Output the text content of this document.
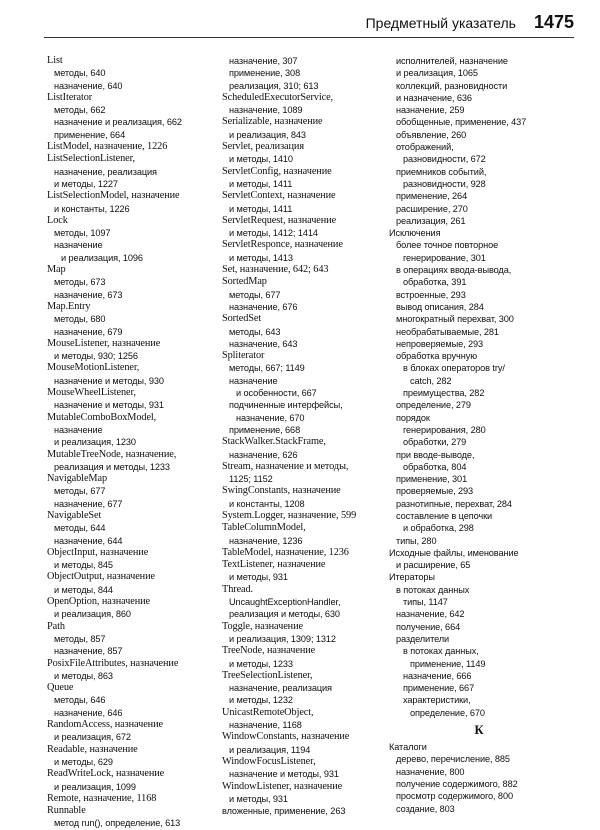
Предметный указатель 1475
List
методы, 640
назначение, 640
ListIterator
методы, 662
назначение и реализация, 662
применение, 664
ListModel, назначение, 1226
ListSelectionListener,
назначение, реализация
и методы, 1227
ListSelectionModel, назначение
и константы, 1226
Lock
методы, 1097
назначение
и реализация, 1096
Map
методы, 673
назначение, 673
Map.Entry
методы, 680
назначение, 679
MouseListener, назначение
и методы, 930; 1256
MouseMotionListener,
назначение и методы, 930
MouseWheelListener,
назначение и методы, 931
MutableComboBoxModel,
назначение
и реализация, 1230
MutableTreeNode, назначение,
реализация и методы, 1233
NavigableMap
методы, 677
назначение, 677
NavigableSet
методы, 644
назначение, 644
ObjectInput, назначение
и методы, 845
ObjectOutput, назначение
и методы, 844
OpenOption, назначение
и реализация, 860
Path
методы, 857
назначение, 857
PosixFileAttributes, назначение
и методы, 863
Queue
методы, 646
назначение, 646
RandomAccess, назначение
и реализация, 672
Readable, назначение
и методы, 629
ReadWriteLock, назначение
и реализация, 1099
Remote, назначение, 1168
Runnable
метод run(), определение, 613
назначение, 307
применение, 308
реализация, 310; 613
ScheduledExecutorService,
назначение, 1089
Serializable, назначение
и реализация, 843
Servlet, реализация
и методы, 1410
ServletConfig, назначение
и методы, 1411
ServletContext, назначение
и методы, 1411
ServletRequest, назначение
и методы, 1412; 1414
ServletResponce, назначение
и методы, 1413
Set, назначение, 642; 643
SortedMap
методы, 677
назначение, 676
SortedSet
методы, 643
назначение, 643
Spliterator
методы, 667; 1149
назначение
и особенности, 667
подчиненные интерфейсы,
назначение, 670
применение, 668
StackWalker.StackFrame,
назначение, 626
Stream, назначение и методы,
1125; 1152
SwingConstants, назначение
и константы, 1208
System.Logger, назначение, 599
TableColumnModel,
назначение, 1236
TableModel, назначение, 1236
TextListener, назначение
и методы, 931
Thread.
UncaughtExceptionHandler,
реализация и методы, 630
Toggle, назначение
и реализация, 1309; 1312
TreeNode, назначение
и методы, 1233
TreeSelectionListener,
назначение, реализация
и методы, 1232
UnicastRemoteObject,
назначение, 1168
WindowConstants, назначение
и реализация, 1194
WindowFocusListener,
назначение и методы, 931
WindowListener, назначение
и методы, 931
вложенные, применение, 263
исполнителей, назначение
и реализация, 1065
коллекций, разновидности
и назначение, 636
назначение, 259
обобщенные, применение, 437
объявление, 260
отображений,
разновидности, 672
приемников событий,
разновидности, 928
применение, 264
расширение, 270
реализация, 261
Исключения
более точное повторное
генерирование, 301
в операциях ввода-вывода,
обработка, 391
встроенные, 293
вывод описания, 284
многократный перехват, 300
необрабатываемые, 281
непроверяемые, 293
обработка вручную
в блоках операторов try/
catch, 282
преимущества, 282
определение, 279
порядок
генерирования, 280
обработки, 279
при вводе-выводе,
обработка, 804
применение, 301
проверяемые, 293
разнотипные, перехват, 284
составление в цепочки
и обработка, 298
типы, 280
Исходные файлы, именование
и расширение, 65
Итераторы
в потоках данных
типы, 1147
назначение, 642
получение, 664
разделители
в потоках данных,
применение, 1149
назначение, 666
применение, 667
характеристики,
определение, 670
К
Каталоги
дерево, перечисление, 885
назначение, 800
получение содержимого, 882
просмотр содержимого, 800
создание, 803
